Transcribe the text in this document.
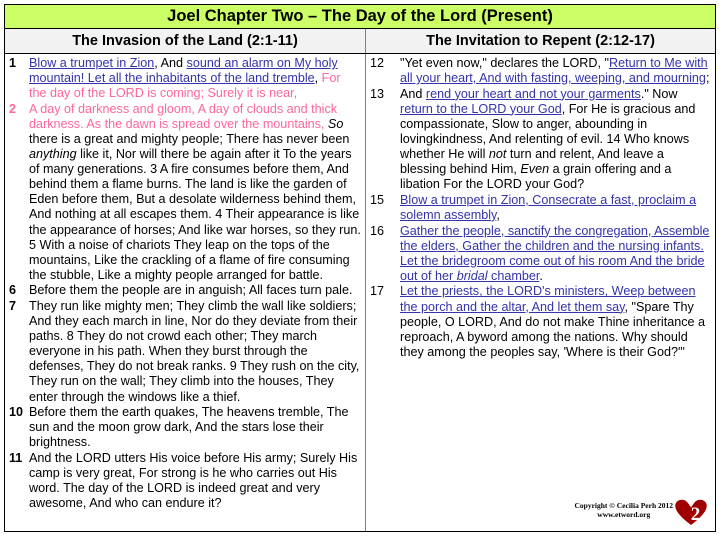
Joel Chapter Two – The Day of the Lord (Present)
The Invasion of the Land (2:1-11)	The Invitation to Repent (2:12-17)
1	Blow a trumpet in Zion, And sound an alarm on My holy mountain! Let all the inhabitants of the land tremble, For the day of the LORD is coming; Surely it is near,
2	A day of darkness and gloom, A day of clouds and thick darkness. As the dawn is spread over the mountains, So there is a great and mighty people; There has never been anything like it, Nor will there be again after it To the years of many generations. 3 A fire consumes before them, And behind them a flame burns. The land is like the garden of Eden before them, But a desolate wilderness behind them, And nothing at all escapes them. 4 Their appearance is like the appearance of horses; And like war horses, so they run. 5 With a noise of chariots They leap on the tops of the mountains, Like the crackling of a flame of fire consuming the stubble, Like a mighty people arranged for battle.
6	Before them the people are in anguish; All faces turn pale.
7	They run like mighty men; They climb the wall like soldiers; And they each march in line, Nor do they deviate from their paths. 8 They do not crowd each other; They march everyone in his path. When they burst through the defenses, They do not break ranks. 9 They rush on the city, They run on the wall; They climb into the houses, They enter through the windows like a thief.
10 Before them the earth quakes, The heavens tremble, The sun and the moon grow dark, And the stars lose their brightness.
11 And the LORD utters His voice before His army; Surely His camp is very great, For strong is he who carries out His word. The day of the LORD is indeed great and very awesome, And who can endure it?	Copyright © Cecilia Perh 2012
www.etword.org	2
12	"Yet even now," declares the LORD, "Return to Me with all your heart, And with fasting, weeping, and mourning;
13	And rend your heart and not your garments." Now return to the LORD your God, For He is gracious and compassionate, Slow to anger, abounding in lovingkindness, And relenting of evil. 14 Who knows whether He will not turn and relent, And leave a blessing behind Him, Even a grain offering and a libation For the LORD your God?
15	Blow a trumpet in Zion, Consecrate a fast, proclaim a solemn assembly,
16	Gather the people, sanctify the congregation, Assemble the elders, Gather the children and the nursing infants. Let the bridegroom come out of his room And the bride out of her bridal chamber.
17	Let the priests, the LORD's ministers, Weep between the porch and the altar, And let them say, "Spare Thy people, O LORD, And do not make Thine inheritance a reproach, A byword among the nations. Why should they among the peoples say, 'Where is their God?'"
